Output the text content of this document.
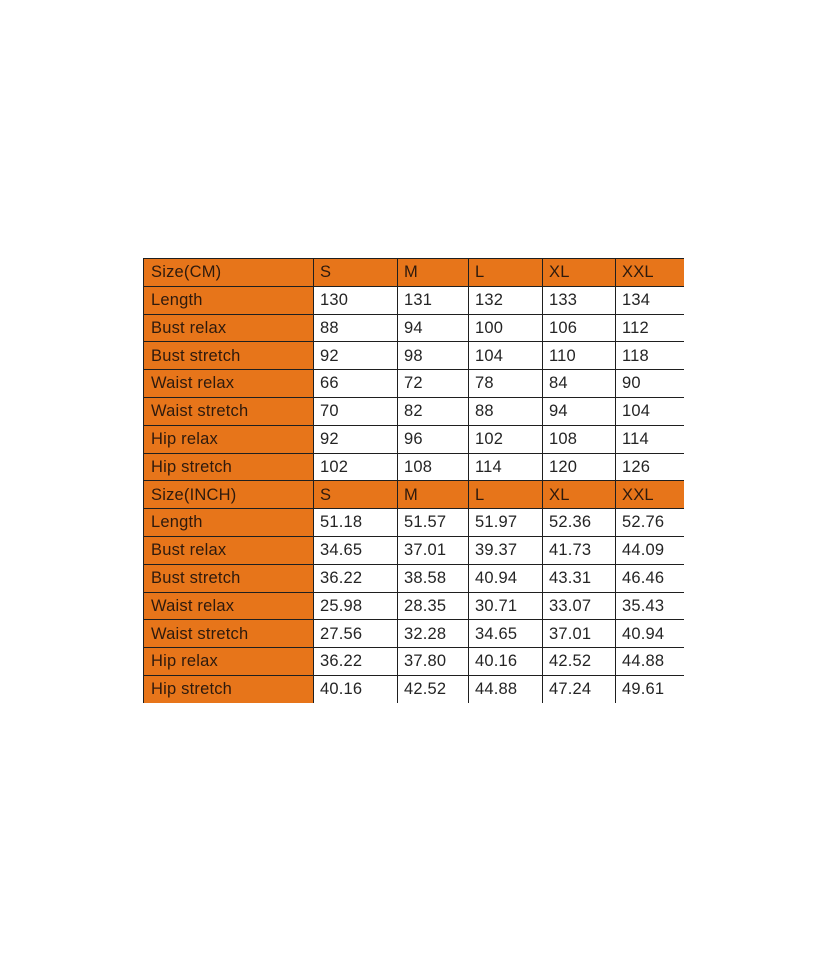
Size(CM)	S	M	L	XL	XXL
Length	130	131	132	133	134
Bust relax	88	94	100	106	112
Bust stretch	92	98	104	110	118
Waist relax	66	72	78	84	90
Waist stretch	70	82	88	94	104
Hip relax	92	96	102	108	114
Hip stretch	102	108	114	120	126
Size(INCH)	S	M	L	XL	XXL
Length	51.18	51.57	51.97	52.36	52.76
Bust relax	34.65	37.01	39.37	41.73	44.09
Bust stretch	36.22	38.58	40.94	43.31	46.46
Waist relax	25.98	28.35	30.71	33.07	35.43
Waist stretch	27.56	32.28	34.65	37.01	40.94
Hip relax	36.22	37.80	40.16	42.52	44.88
Hip stretch	40.16	42.52	44.88	47.24	49.61
